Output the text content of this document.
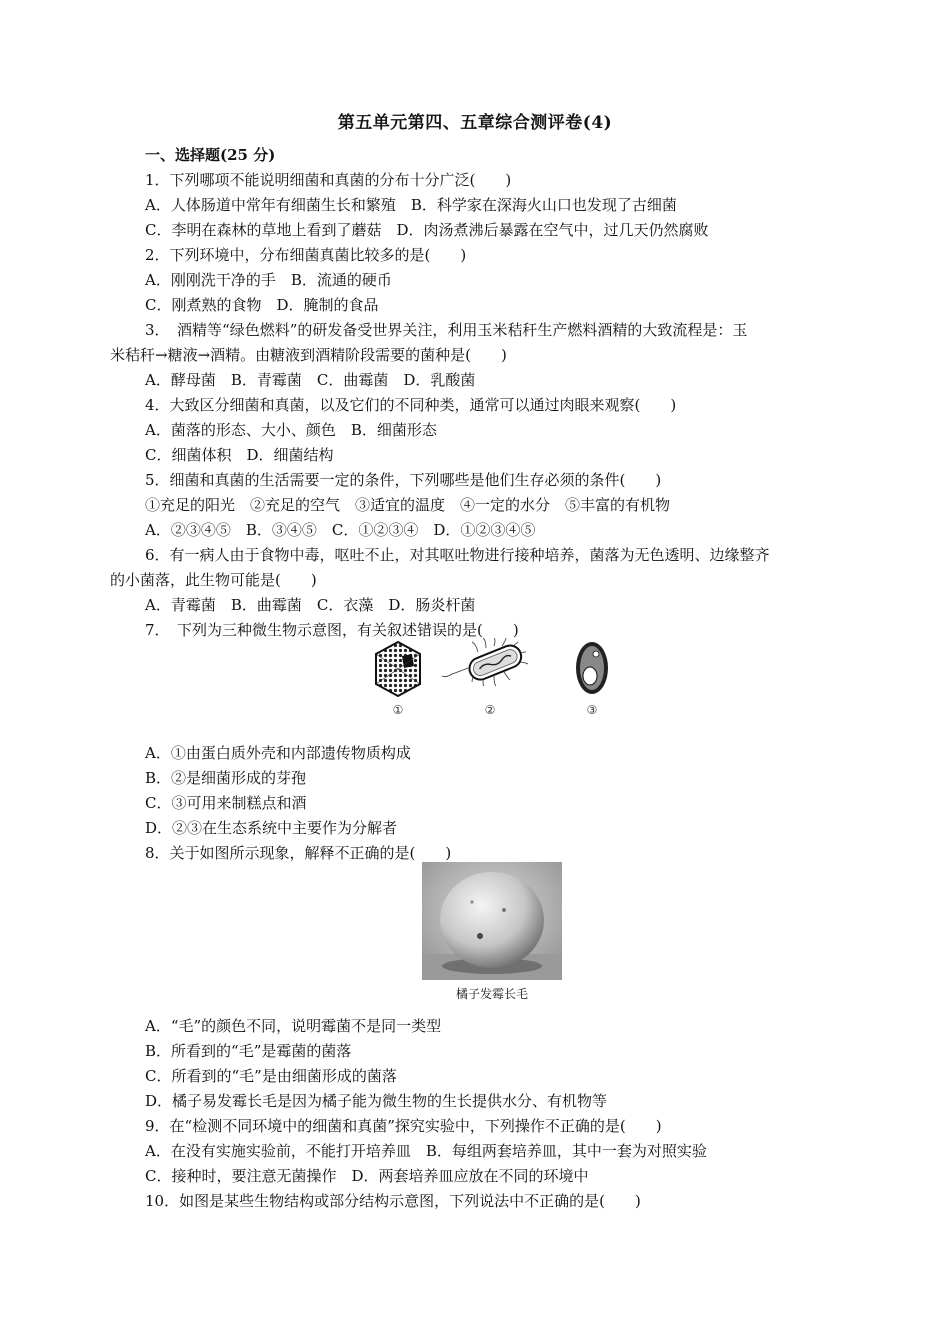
第五单元第四、五章综合测评卷(4)
一、选择题(25 分)
1．下列哪项不能说明细菌和真菌的分布十分广泛(　　)
A．人体肠道中常年有细菌生长和繁殖　B．科学家在深海火山口也发现了古细菌
C．李明在森林的草地上看到了蘑菇　D．肉汤煮沸后暴露在空气中，过几天仍然腐败
2．下列环境中，分布细菌真菌比较多的是(　　)
A．刚刚洗干净的手　B．流通的硬币
C．刚煮熟的食物　D．腌制的食品
3．　酒精等“绿色燃料”的研发备受世界关注，利用玉米秸秆生产燃料酒精的大致流程是：玉
米秸秆→糖液→酒精。由糖液到酒精阶段需要的菌种是(　　)
A．酵母菌　B．青霉菌　C．曲霉菌　D．乳酸菌
4．大致区分细菌和真菌，以及它们的不同种类，通常可以通过肉眼来观察(　　)
A．菌落的形态、大小、颜色　B．细菌形态
C．细菌体积　D．细菌结构
5．细菌和真菌的生活需要一定的条件，下列哪些是他们生存必须的条件(　　)
①充足的阳光　②充足的空气　③适宜的温度　④一定的水分　⑤丰富的有机物
A．②③④⑤　B．③④⑤　C．①②③④　D．①②③④⑤
6．有一病人由于食物中毒，呕吐不止，对其呕吐物进行接种培养，菌落为无色透明、边缘整齐
的小菌落，此生物可能是(　　)
A．青霉菌　B．曲霉菌　C．衣藻　D．肠炎杆菌
7．　下列为三种微生物示意图，有关叙述错误的是(　　)
①	②	③
A．①由蛋白质外壳和内部遗传物质构成
B．②是细菌形成的芽孢
C．③可用来制糕点和酒
D．②③在生态系统中主要作为分解者
8．关于如图所示现象，解释不正确的是(　　)
橘子发霉长毛
A．“毛”的颜色不同，说明霉菌不是同一类型
B．所看到的“毛”是霉菌的菌落
C．所看到的“毛”是由细菌形成的菌落
D．橘子易发霉长毛是因为橘子能为微生物的生长提供水分、有机物等
9．在“检测不同环境中的细菌和真菌”探究实验中，下列操作不正确的是(　　)
A．在没有实施实验前，不能打开培养皿　B．每组两套培养皿，其中一套为对照实验
C．接种时，要注意无菌操作　D．两套培养皿应放在不同的环境中
10．如图是某些生物结构或部分结构示意图，下列说法中不正确的是(　　)
